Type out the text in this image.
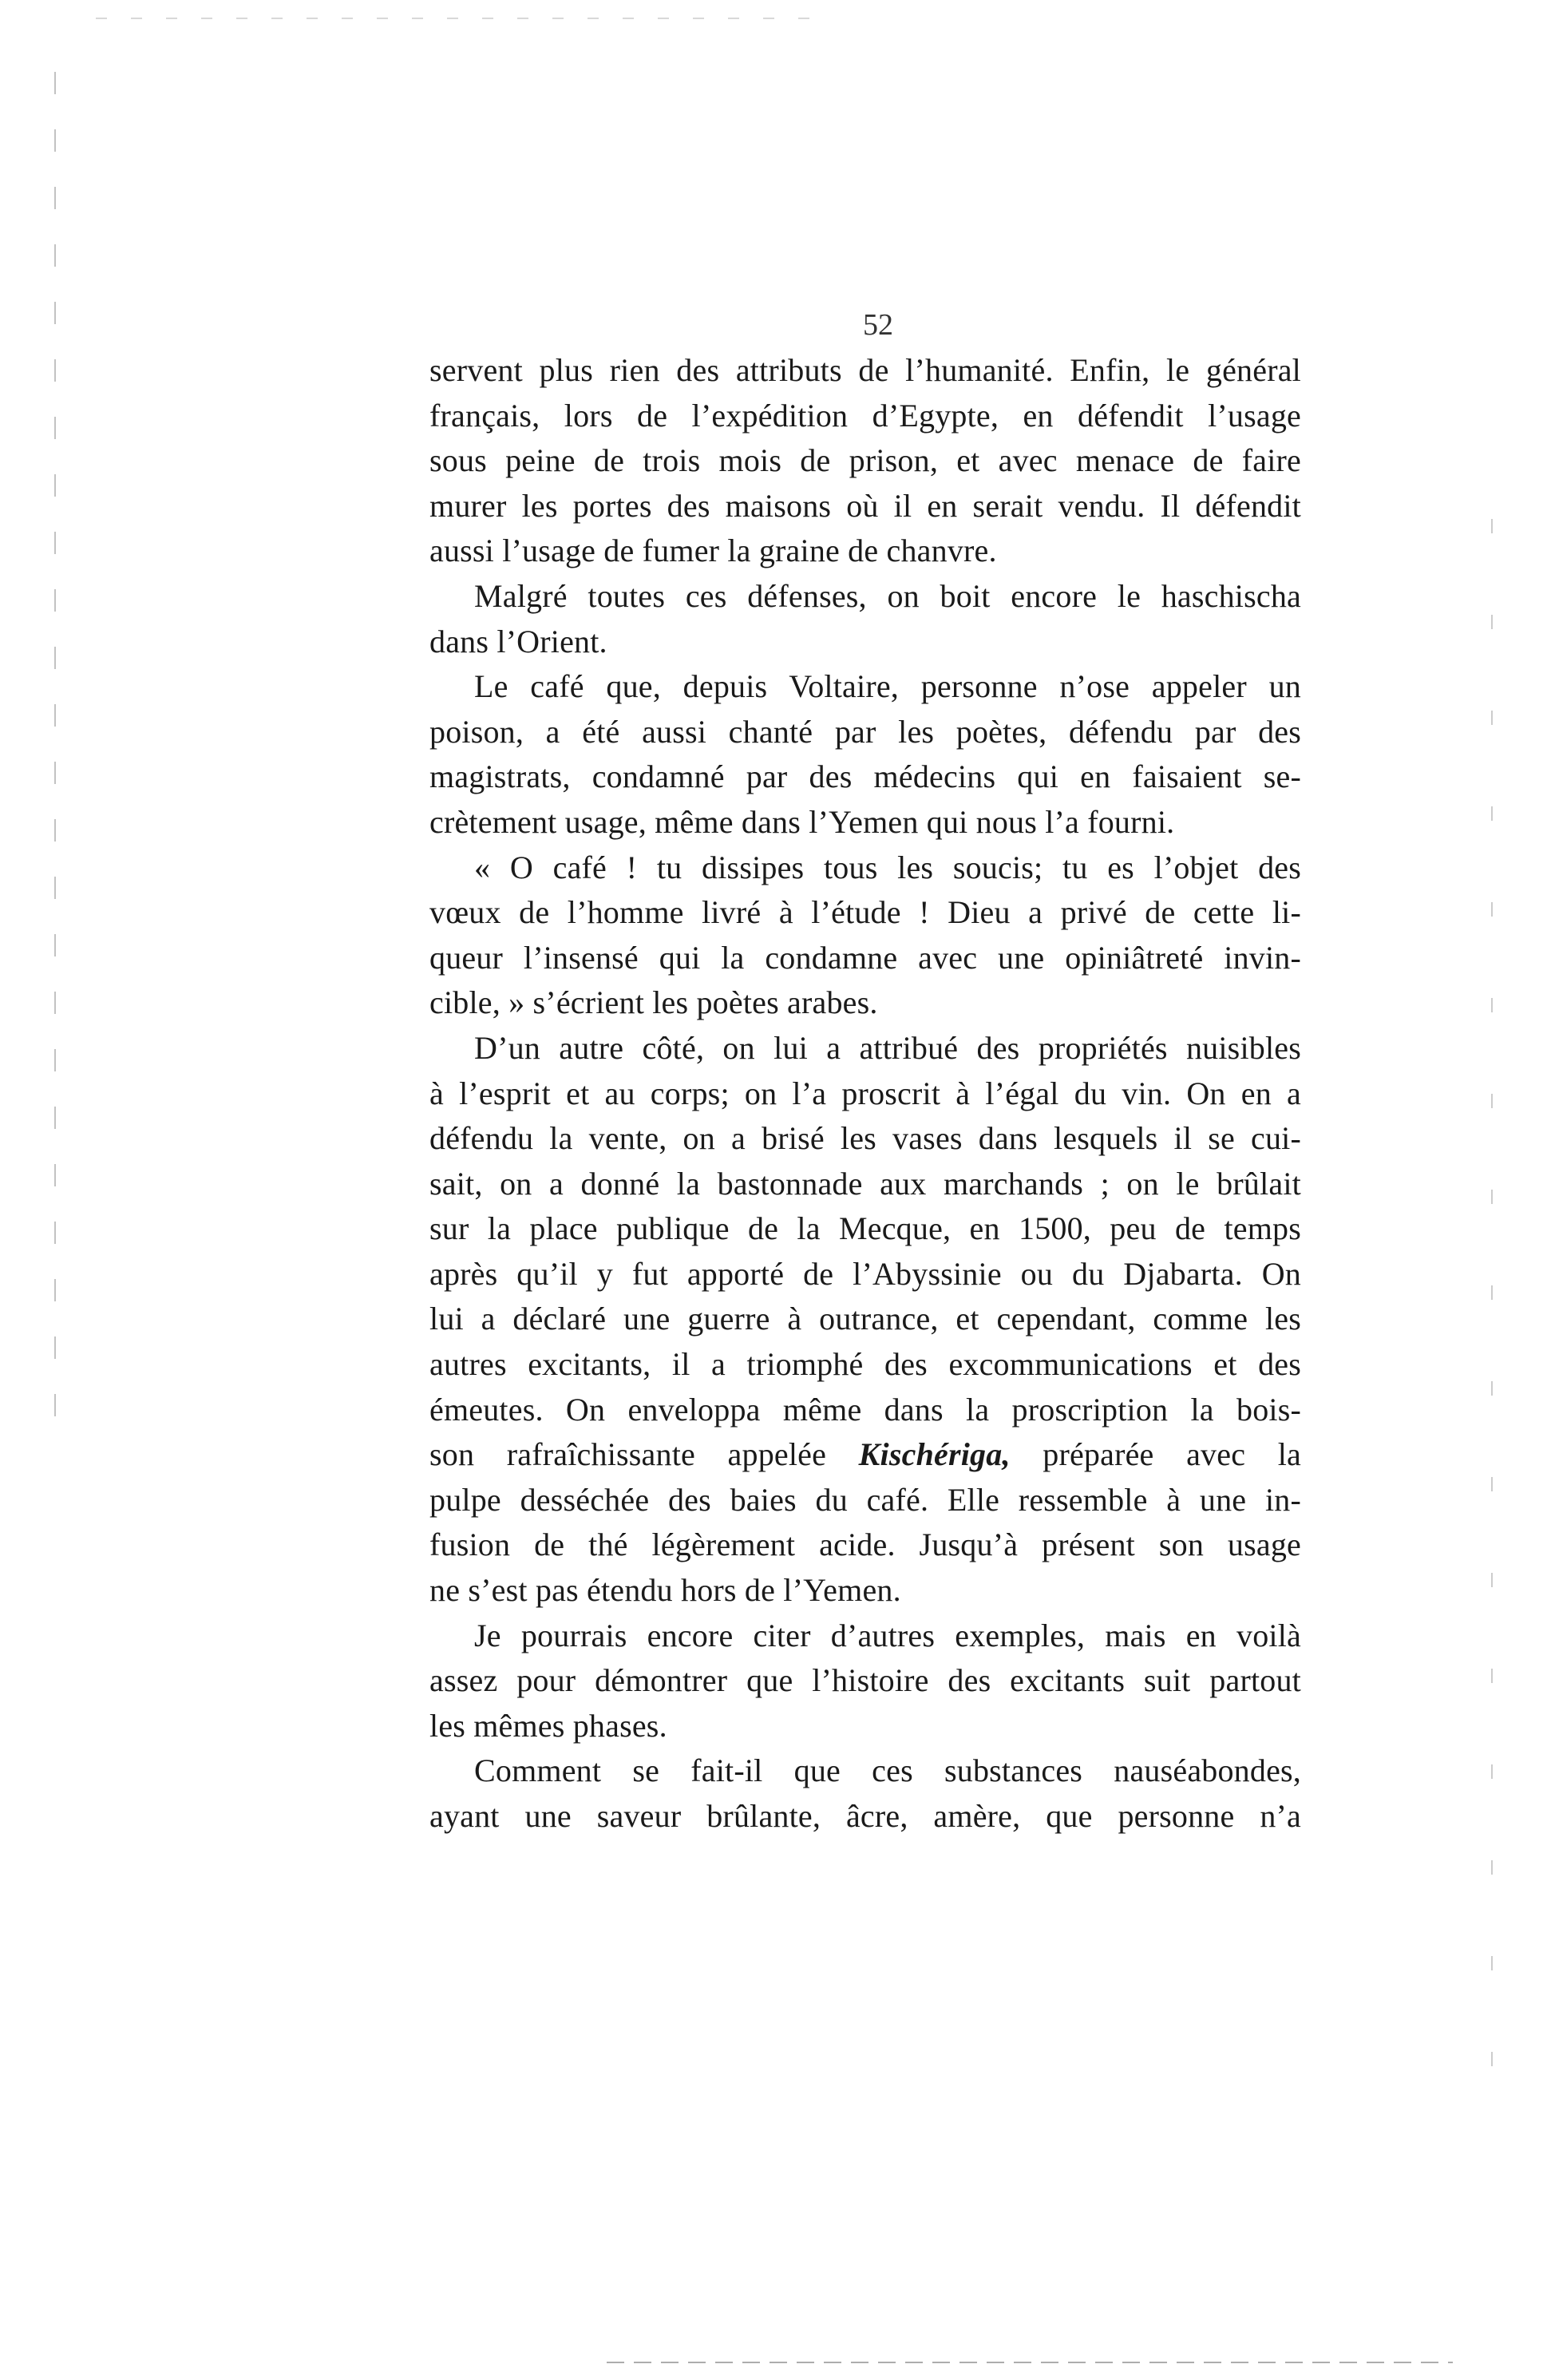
52
servent plus rien des attributs de l’humanité. Enfin, le général
français, lors de l’expédition d’Egypte, en défendit l’usage
sous peine de trois mois de prison, et avec menace de faire
murer les portes des maisons où il en serait vendu. Il défendit
aussi l’usage de fumer la graine de chanvre.
Malgré toutes ces défenses, on boit encore le haschischa
dans l’Orient.
Le café que, depuis Voltaire, personne n’ose appeler un
poison, a été aussi chanté par les poètes, défendu par des
magistrats, condamné par des médecins qui en faisaient se-
crètement usage, même dans l’Yemen qui nous l’a fourni.
« O café ! tu dissipes tous les soucis; tu es l’objet des
vœux de l’homme livré à l’étude ! Dieu a privé de cette li-
queur l’insensé qui la condamne avec une opiniâtreté invin-
cible, » s’écrient les poètes arabes.
D’un autre côté, on lui a attribué des propriétés nuisibles
à l’esprit et au corps; on l’a proscrit à l’égal du vin. On en a
défendu la vente, on a brisé les vases dans lesquels il se cui-
sait, on a donné la bastonnade aux marchands ; on le brûlait
sur la place publique de la Mecque, en 1500, peu de temps
après qu’il y fut apporté de l’Abyssinie ou du Djabarta. On
lui a déclaré une guerre à outrance, et cependant, comme les
autres excitants, il a triomphé des excommunications et des
émeutes. On enveloppa même dans la proscription la bois-
son rafraîchissante appelée Kischériga, préparée avec la
pulpe desséchée des baies du café. Elle ressemble à une in-
fusion de thé légèrement acide. Jusqu’à présent son usage
ne s’est pas étendu hors de l’Yemen.
Je pourrais encore citer d’autres exemples, mais en voilà
assez pour démontrer que l’histoire des excitants suit partout
les mêmes phases.
Comment se fait-il que ces substances nauséabondes,
ayant une saveur brûlante, âcre, amère, que personne n’a
